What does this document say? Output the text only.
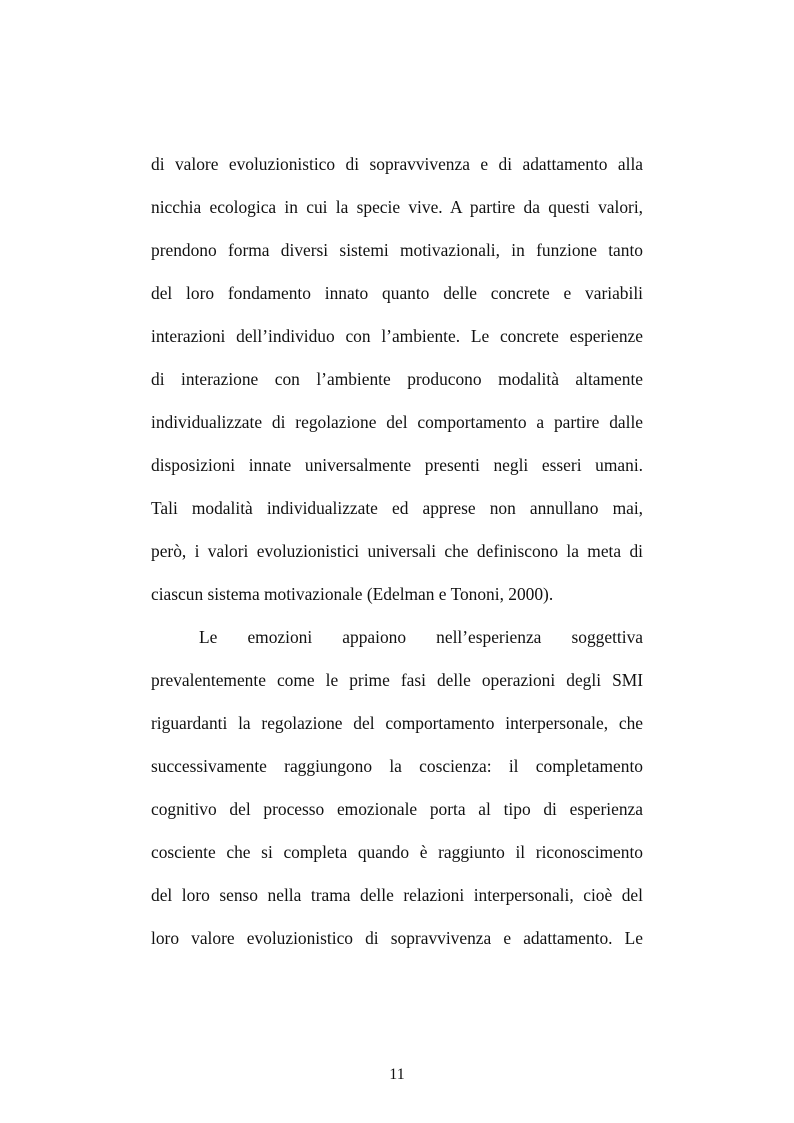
di valore evoluzionistico di sopravvivenza e di adattamento alla
nicchia ecologica in cui la specie vive. A partire da questi valori,
prendono forma diversi sistemi motivazionali, in funzione tanto
del loro fondamento innato quanto delle concrete e variabili
interazioni dell’individuo con l’ambiente. Le concrete esperienze
di interazione con l’ambiente producono modalità altamente
individualizzate di regolazione del comportamento a partire dalle
disposizioni innate universalmente presenti negli esseri umani.
Tali modalità individualizzate ed apprese non annullano mai,
però, i valori evoluzionistici universali che definiscono la meta di
ciascun sistema motivazionale (Edelman e Tononi, 2000).
Le emozioni appaiono nell’esperienza soggettiva
prevalentemente come le prime fasi delle operazioni degli SMI
riguardanti la regolazione del comportamento interpersonale, che
successivamente raggiungono la coscienza: il completamento
cognitivo del processo emozionale porta al tipo di esperienza
cosciente che si completa quando è raggiunto il riconoscimento
del loro senso nella trama delle relazioni interpersonali, cioè del
loro valore evoluzionistico di sopravvivenza e adattamento. Le
11
